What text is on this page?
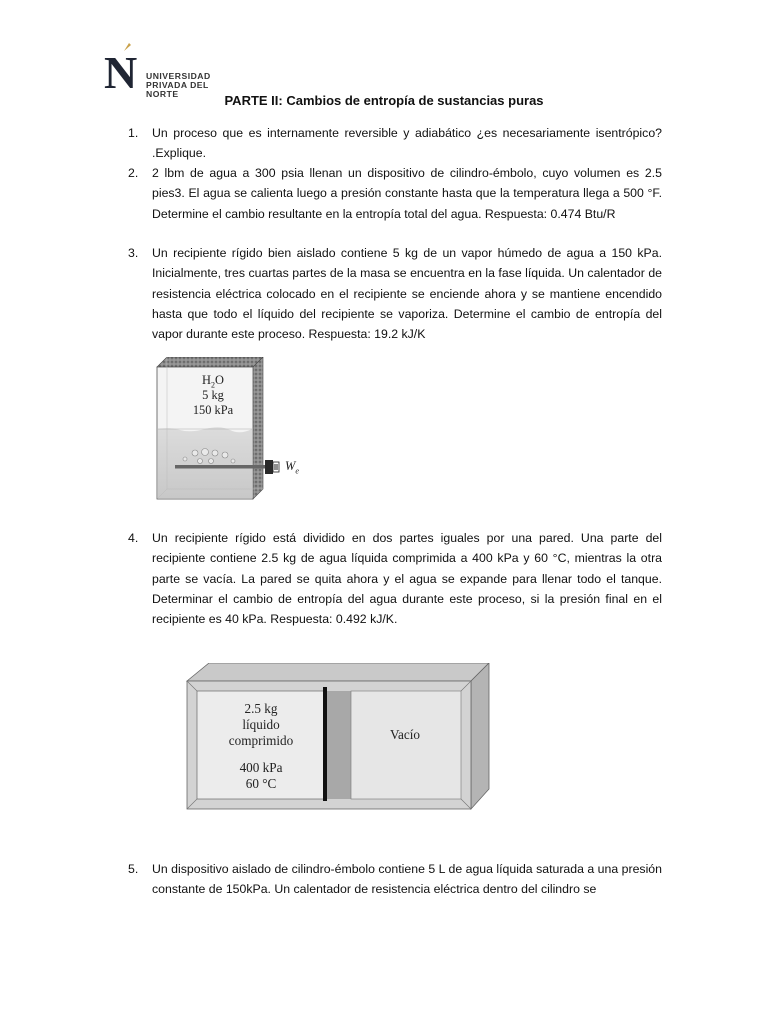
N UNIVERSIDAD
PRIVADA DEL NORTE	PARTE II: Cambios de entropía de sustancias puras
1. Un proceso que es internamente reversible y adiabático ¿es necesariamente isentrópico? .Explique.
2. 2 lbm de agua a 300 psia llenan un dispositivo de cilindro-émbolo, cuyo volumen es 2.5 pies3. El agua se calienta luego a presión constante hasta que la temperatura llega a 500 °F. Determine el cambio resultante en la entropía total del agua. Respuesta: 0.474 Btu/R
3. Un recipiente rígido bien aislado contiene 5 kg de un vapor húmedo de agua a 150 kPa. Inicialmente, tres cuartas partes de la masa se encuentra en la fase líquida. Un calentador de resistencia eléctrica colocado en el recipiente se enciende ahora y se mantiene encendido hasta que todo el líquido del recipiente se vaporiza. Determine el cambio de entropía del vapor durante este proceso. Respuesta: 19.2 kJ/K
$H_2O$
5 kg
150 kPa
$W_e$
4. Un recipiente rígido está dividido en dos partes iguales por una pared. Una parte del recipiente contiene 2.5 kg de agua líquida comprimida a 400 kPa y 60 °C, mientras la otra parte se vacía. La pared se quita ahora y el agua se expande para llenar todo el tanque. Determinar el cambio de entropía del agua durante este proceso, si la presión final en el recipiente es 40 kPa. Respuesta: 0.492 kJ/K.
2.5 kg
líquido
comprimido
400 kPa
60 °C
Vacío
5. Un dispositivo aislado de cilindro-émbolo contiene 5 L de agua líquida saturada a una presión constante de 150kPa. Un calentador de resistencia eléctrica dentro del cilindro se
